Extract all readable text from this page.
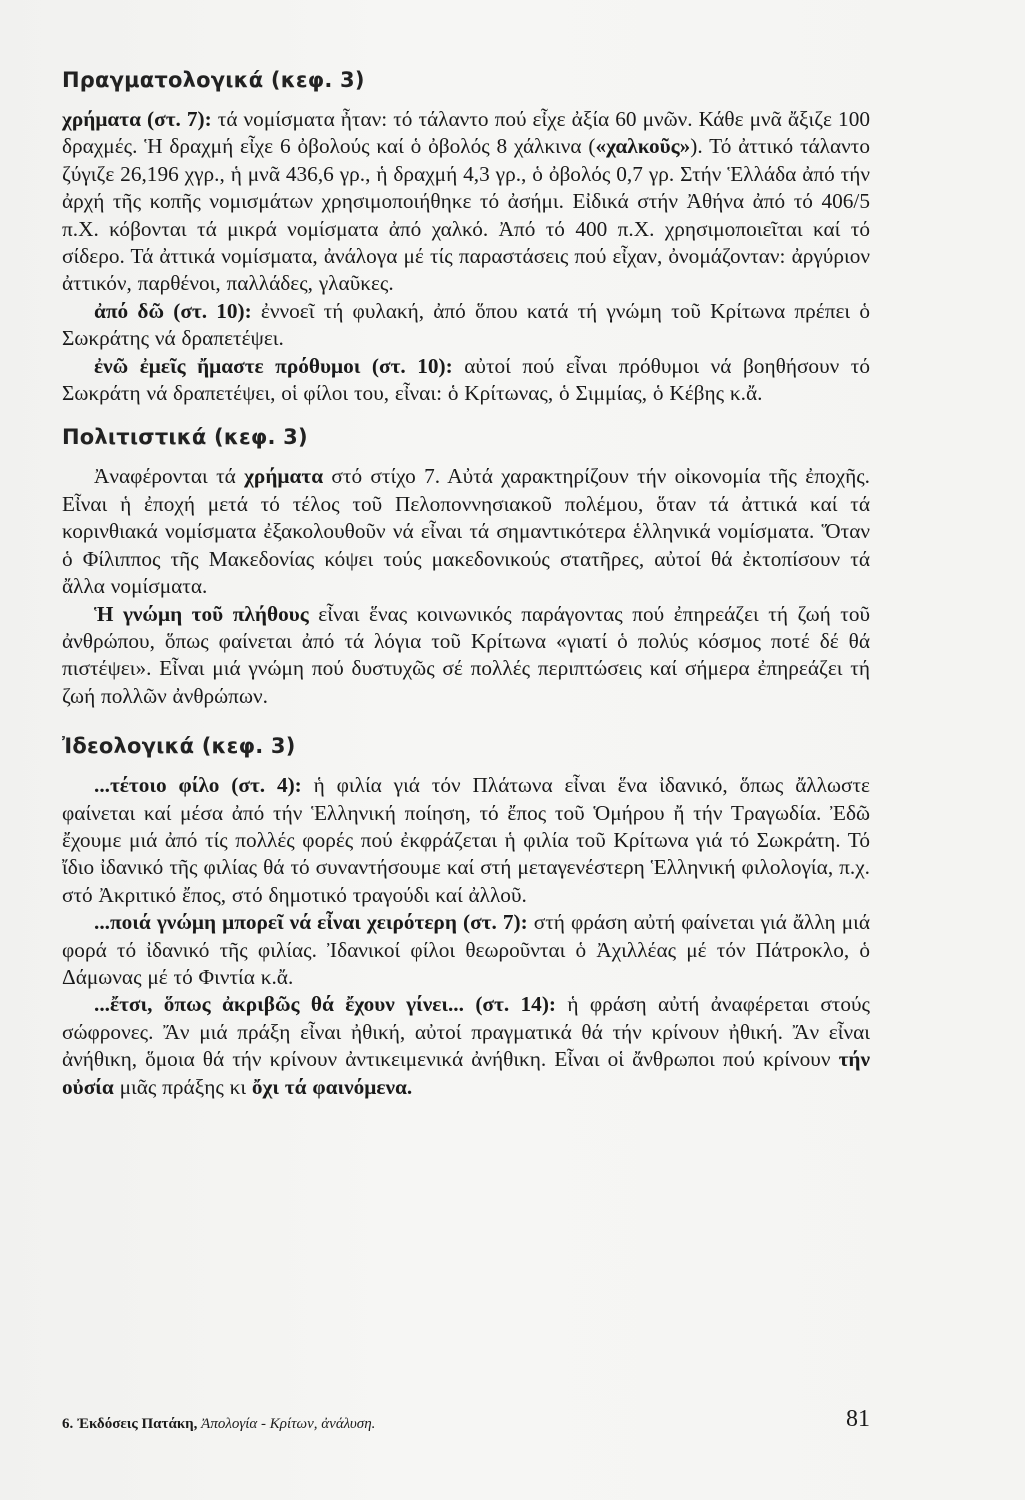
Πραγματολογικά (κεφ. 3)

χρήματα (στ. 7): τά νομίσματα ἦταν: τό τάλαντο πού εἶχε ἀξία 60 μνῶν. Κάθε μνᾶ ἄξιζε 100 δραχμές. Ἡ δραχμή εἶχε 6 ὀβολούς καί ὁ ὀβολός 8 χάλκινα («χαλκοῦς»). Τό ἀττικό τάλαντο ζύγιζε 26,196 χγρ., ἡ μνᾶ 436,6 γρ., ἡ δραχμή 4,3 γρ., ὁ ὀβολός 0,7 γρ. Στήν Ἑλλάδα ἀπό τήν ἀρχή τῆς κοπῆς νομισμάτων χρησιμοποιήθηκε τό ἀσήμι. Εἰδικά στήν Ἀθήνα ἀπό τό 406/5 π.Χ. κόβονται τά μικρά νομίσματα ἀπό χαλκό. Ἀπό τό 400 π.Χ. χρησιμοποιεῖται καί τό σίδερο. Τά ἀττικά νομίσματα, ἀνάλογα μέ τίς παραστάσεις πού εἶχαν, ὀνομάζονταν: ἀργύριον ἀττικόν, παρθένοι, παλλάδες, γλαῦκες.

ἀπό δῶ (στ. 10): ἐννοεῖ τή φυλακή, ἀπό ὅπου κατά τή γνώμη τοῦ Κρίτωνα πρέπει ὁ Σωκράτης νά δραπετέψει.

ἐνῶ ἐμεῖς ἤμαστε πρόθυμοι (στ. 10): αὐτοί πού εἶναι πρόθυμοι νά βοηθήσουν τό Σωκράτη νά δραπετέψει, οἱ φίλοι του, εἶναι: ὁ Κρίτωνας, ὁ Σιμμίας, ὁ Κέβης κ.ἄ.

Πολιτιστικά (κεφ. 3)

Ἀναφέρονται τά χρήματα στό στίχο 7. Αὐτά χαρακτηρίζουν τήν οἰκονομία τῆς ἐποχῆς. Εἶναι ἡ ἐποχή μετά τό τέλος τοῦ Πελοποννησιακοῦ πολέμου, ὅταν τά ἀττικά καί τά κορινθιακά νομίσματα ἐξακολουθοῦν νά εἶναι τά σημαντικότερα ἑλληνικά νομίσματα. Ὅταν ὁ Φίλιππος τῆς Μακεδονίας κόψει τούς μακεδονικούς στατῆρες, αὐτοί θά ἐκτοπίσουν τά ἄλλα νομίσματα.

Ἡ γνώμη τοῦ πλήθους εἶναι ἕνας κοινωνικός παράγοντας πού ἐπηρεάζει τή ζωή τοῦ ἀνθρώπου, ὅπως φαίνεται ἀπό τά λόγια τοῦ Κρίτωνα «γιατί ὁ πολύς κόσμος ποτέ δέ θά πιστέψει». Εἶναι μιά γνώμη πού δυστυχῶς σέ πολλές περιπτώσεις καί σήμερα ἐπηρεάζει τή ζωή πολλῶν ἀνθρώπων.

Ἰδεολογικά (κεφ. 3)

...τέτοιο φίλο (στ. 4): ἡ φιλία γιά τόν Πλάτωνα εἶναι ἕνα ἰδανικό, ὅπως ἄλλωστε φαίνεται καί μέσα ἀπό τήν Ἑλληνική ποίηση, τό ἔπος τοῦ Ὁμήρου ἤ τήν Τραγωδία. Ἐδῶ ἔχουμε μιά ἀπό τίς πολλές φορές πού ἐκφράζεται ἡ φιλία τοῦ Κρίτωνα γιά τό Σωκράτη. Τό ἴδιο ἰδανικό τῆς φιλίας θά τό συναντήσουμε καί στή μεταγενέστερη Ἑλληνική φιλολογία, π.χ. στό Ἀκριτικό ἔπος, στό δημοτικό τραγούδι καί ἀλλοῦ.

...ποιά γνώμη μπορεῖ νά εἶναι χειρότερη (στ. 7): στή φράση αὐτή φαίνεται γιά ἄλλη μιά φορά τό ἰδανικό τῆς φιλίας. Ἰδανικοί φίλοι θεωροῦνται ὁ Ἀχιλλέας μέ τόν Πάτροκλο, ὁ Δάμωνας μέ τό Φιντία κ.ἄ.

...ἔτσι, ὅπως ἀκριβῶς θά ἔχουν γίνει... (στ. 14): ἡ φράση αὐτή ἀναφέρεται στούς σώφρονες. Ἄν μιά πράξη εἶναι ἠθική, αὐτοί πραγματικά θά τήν κρίνουν ἠθική. Ἄν εἶναι ἀνήθικη, ὅμοια θά τήν κρίνουν ἀντικειμενικά ἀνήθικη. Εἶναι οἱ ἄνθρωποι πού κρίνουν τήν οὐσία μιᾶς πράξης κι ὄχι τά φαινόμενα.

6. Ἐκδόσεις Πατάκη, Ἀπολογία - Κρίτων, ἀνάλυση.	81
